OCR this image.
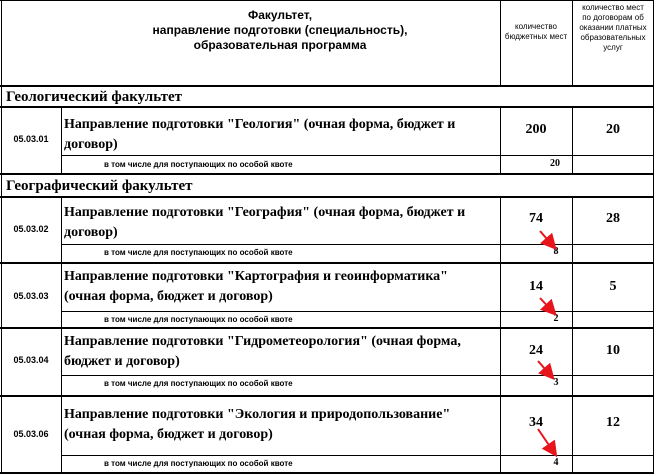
Факультет,
направление подготовки (специальность),
образовательная программа
количество
бюджетных мест
количество мест
по договорам об
оказании платных
образовательных
услуг
Геологический факультет
Географический факультет
05.03.01
Направление подготовки "Геология" (очная форма, бюджет и
договор)
200	20
в том числе для поступающих по особой квоте	20
05.03.02
Направление подготовки "География" (очная форма, бюджет и
договор)
74	28
в том числе для поступающих по особой квоте	8
05.03.03
Направление подготовки "Картография и геоинформатика"
(очная форма, бюджет и договор)
14	5
в том числе для поступающих по особой квоте	2
05.03.04
Направление подготовки "Гидрометеорология" (очная форма,
бюджет и договор)
24	10
в том числе для поступающих по особой квоте	3
05.03.06
Направление подготовки "Экология и природопользование"
(очная форма, бюджет и договор)
34	12
в том числе для поступающих по особой квоте	4
